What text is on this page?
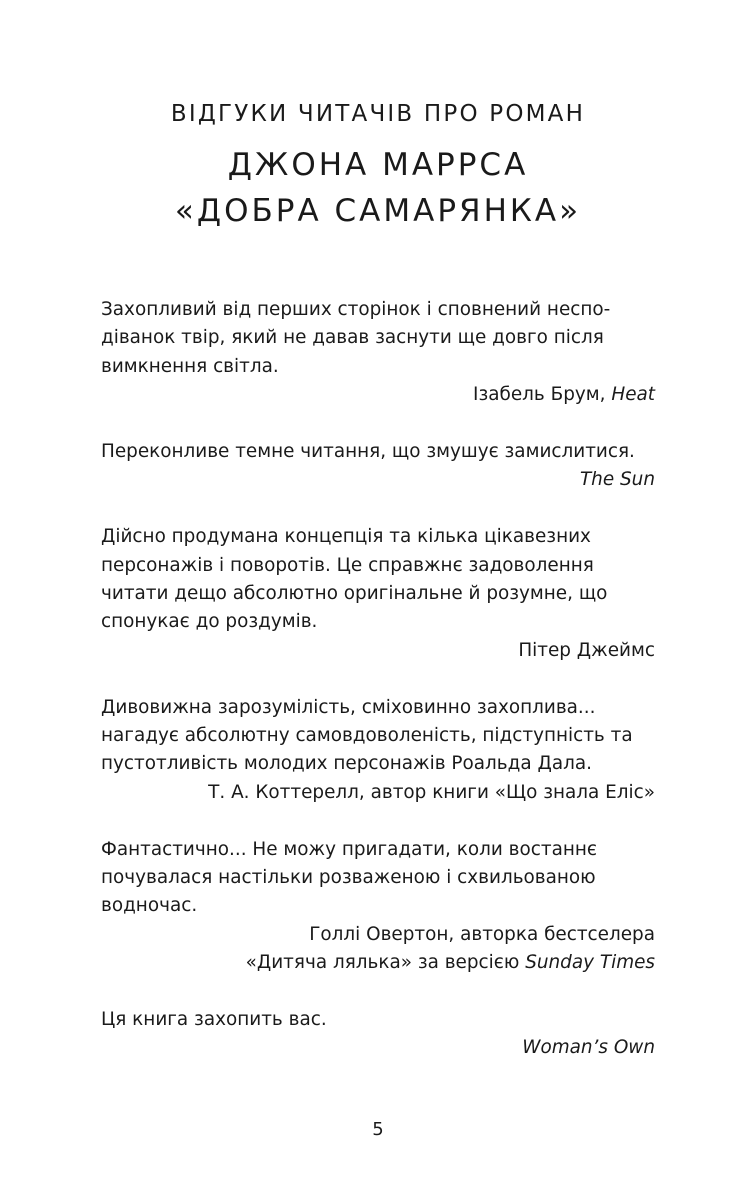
ВІДГУКИ ЧИТАЧІВ ПРО РОМАН

ДЖОНА МАРРСА

«ДОБРА САМАРЯНКА»

Захопливий від перших сторінок і сповнений неспо-
діванок твір, який не давав заснути ще довго після
вимкнення світла.

Ізабель Брум, Heat

Переконливе темне читання, що змушує замислитися.

The Sun

Дійсно продумана концепція та кілька цікавезних
персонажів і поворотів. Це справжнє задоволення
читати дещо абсолютно оригінальне й розумне, що
спонукає до роздумів.

Пітер Джеймс

Дивовижна зарозумілість, сміховинно захоплива...
нагадує абсолютну самовдоволеність, підступність та
пустотливість молодих персонажів Роальда Дала.

Т. А. Коттерелл, автор книги «Що знала Еліс»

Фантастично... Не можу пригадати, коли востаннє
почувалася настільки розваженою і схвильованою
водночас.

Голлі Овертон, авторка бестселера

«Дитяча лялька» за версією Sunday Times

Ця книга захопить вас.

Woman’s Own

5
